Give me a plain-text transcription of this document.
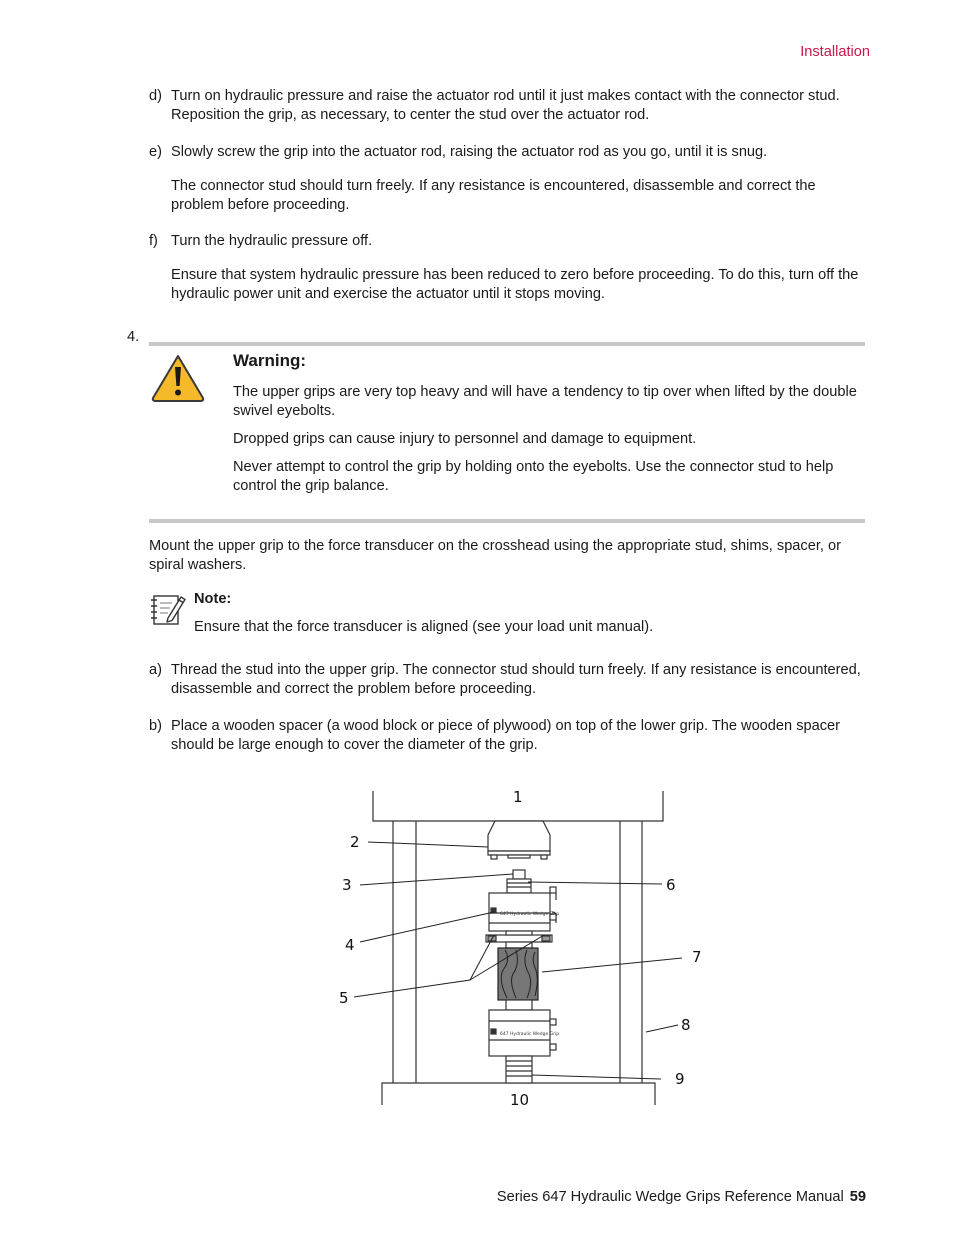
Installation
d) Turn on hydraulic pressure and raise the actuator rod until it just makes contact with the connector stud. Reposition the grip, as necessary, to center the stud over the actuator rod.
e) Slowly screw the grip into the actuator rod, raising the actuator rod as you go, until it is snug.
The connector stud should turn freely. If any resistance is encountered, disassemble and correct the problem before proceeding.
f) Turn the hydraulic pressure off.
Ensure that system hydraulic pressure has been reduced to zero before proceeding. To do this, turn off the hydraulic power unit and exercise the actuator until it stops moving.
4.
Warning:
The upper grips are very top heavy and will have a tendency to tip over when lifted by the double swivel eyebolts.
Dropped grips can cause injury to personnel and damage to equipment.
Never attempt to control the grip by holding onto the eyebolts. Use the connector stud to help control the grip balance.
Mount the upper grip to the force transducer on the crosshead using the appropriate stud, shims, spacer, or spiral washers.
Note:
Ensure that the force transducer is aligned (see your load unit manual).
a) Thread the stud into the upper grip. The connector stud should turn freely. If any resistance is encountered, disassemble and correct the problem before proceeding.
b) Place a wooden spacer (a wood block or piece of plywood) on top of the lower grip. The wooden spacer should be large enough to cover the diameter of the grip.
647 Hydraulic Wedge Grip
647 Hydraulic Wedge Grip
1
2
3
4
5
6
7
8
9
10
Series 647 Hydraulic Wedge Grips Reference Manual 59
